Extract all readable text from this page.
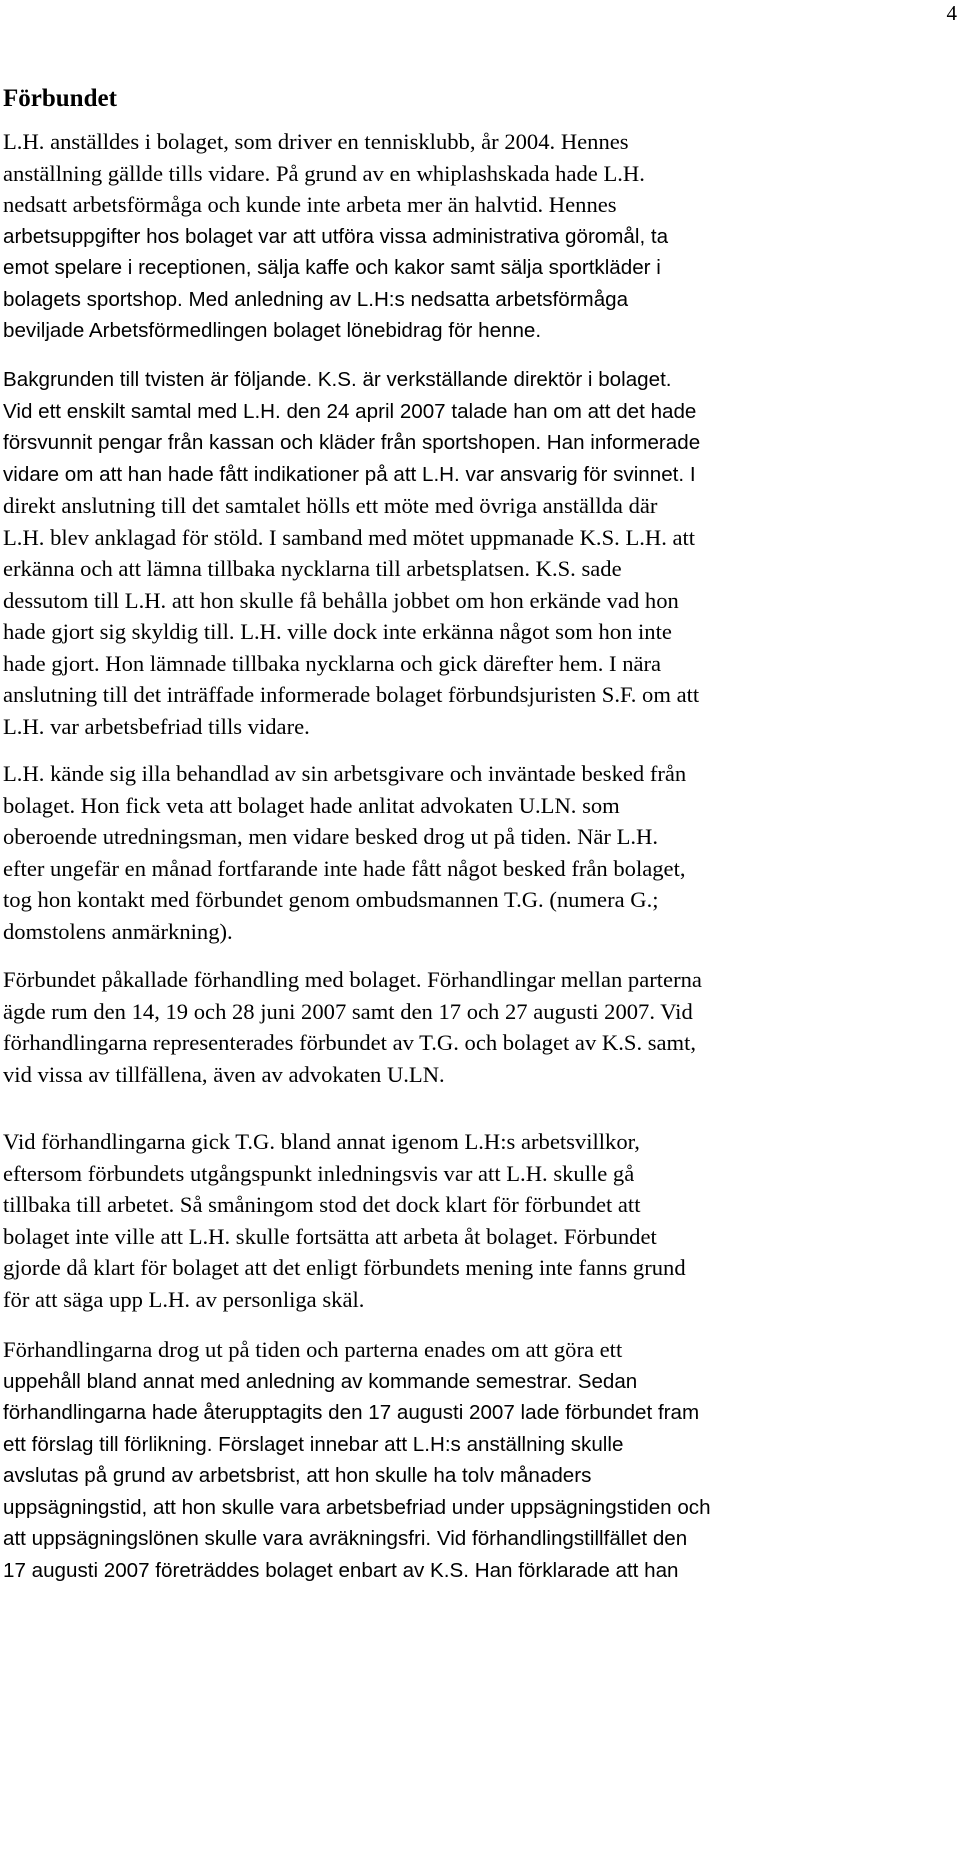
4

Förbundet
L.H. anställdes i bolaget, som driver en tennisklubb, år 2004. Hennes
anställning gällde tills vidare. På grund av en whiplashskada hade L.H.
nedsatt arbetsförmåga och kunde inte arbeta mer än halvtid. Hennes
arbetsuppgifter hos bolaget var att utföra vissa administrativa göromål, ta
emot spelare i receptionen, sälja kaffe och kakor samt sälja sportkläder i
bolagets sportshop. Med anledning av L.H:s nedsatta arbetsförmåga
beviljade Arbetsförmedlingen bolaget lönebidrag för henne.
Bakgrunden till tvisten är följande. K.S. är verkställande direktör i bolaget.
Vid ett enskilt samtal med L.H. den 24 april 2007 talade han om att det hade
försvunnit pengar från kassan och kläder från sportshopen. Han informerade
vidare om att han hade fått indikationer på att L.H. var ansvarig för svinnet. I
direkt anslutning till det samtalet hölls ett möte med övriga anställda där
L.H. blev anklagad för stöld. I samband med mötet uppmanade K.S. L.H. att
erkänna och att lämna tillbaka nycklarna till arbetsplatsen. K.S. sade
dessutom till L.H. att hon skulle få behålla jobbet om hon erkände vad hon
hade gjort sig skyldig till. L.H. ville dock inte erkänna något som hon inte
hade gjort. Hon lämnade tillbaka nycklarna och gick därefter hem. I nära
anslutning till det inträffade informerade bolaget förbundsjuristen S.F. om att
L.H. var arbetsbefriad tills vidare.
L.H. kände sig illa behandlad av sin arbetsgivare och inväntade besked från
bolaget. Hon fick veta att bolaget hade anlitat advokaten U.LN. som
oberoende utredningsman, men vidare besked drog ut på tiden. När L.H.
efter ungefär en månad fortfarande inte hade fått något besked från bolaget,
tog hon kontakt med förbundet genom ombudsmannen T.G. (numera G.;
domstolens anmärkning).
Förbundet påkallade förhandling med bolaget. Förhandlingar mellan parterna
ägde rum den 14, 19 och 28 juni 2007 samt den 17 och 27 augusti 2007. Vid
förhandlingarna representerades förbundet av T.G. och bolaget av K.S. samt,
vid vissa av tillfällena, även av advokaten U.LN.
Vid förhandlingarna gick T.G. bland annat igenom L.H:s arbetsvillkor,
eftersom förbundets utgångspunkt inledningsvis var att L.H. skulle gå
tillbaka till arbetet. Så småningom stod det dock klart för förbundet att
bolaget inte ville att L.H. skulle fortsätta att arbeta åt bolaget. Förbundet
gjorde då klart för bolaget att det enligt förbundets mening inte fanns grund
för att säga upp L.H. av personliga skäl.
Förhandlingarna drog ut på tiden och parterna enades om att göra ett
uppehåll bland annat med anledning av kommande semestrar. Sedan
förhandlingarna hade återupptagits den 17 augusti 2007 lade förbundet fram
ett förslag till förlikning. Förslaget innebar att L.H:s anställning skulle
avslutas på grund av arbetsbrist, att hon skulle ha tolv månaders
uppsägningstid, att hon skulle vara arbetsbefriad under uppsägningstiden och
att uppsägningslönen skulle vara avräkningsfri. Vid förhandlingstillfället den
17 augusti 2007 företräddes bolaget enbart av K.S. Han förklarade att han
